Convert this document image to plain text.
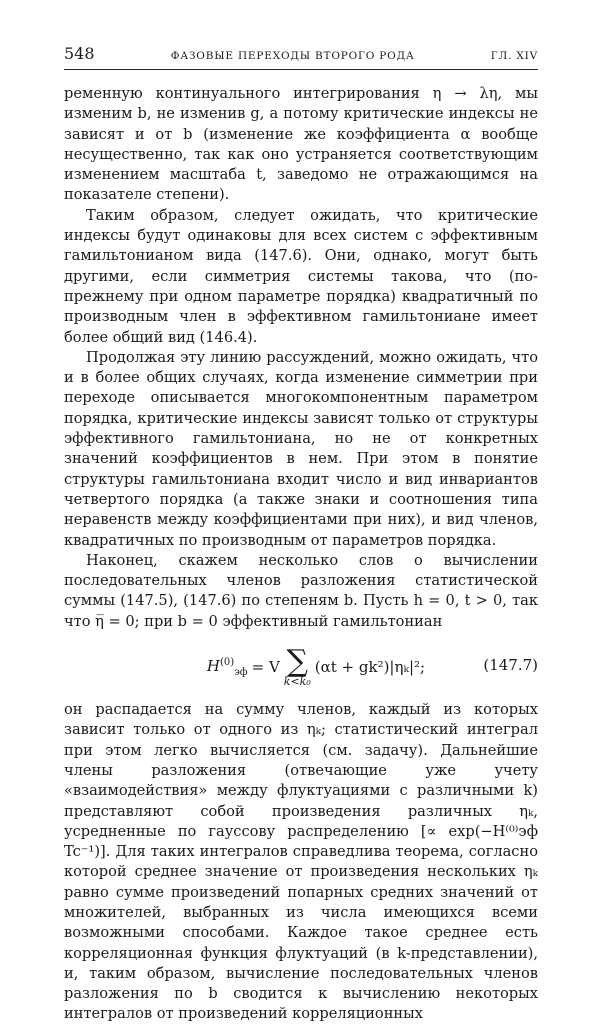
548	ФАЗОВЫЕ ПЕРЕХОДЫ ВТОРОГО РОДА	ГЛ. XIV

ременную континуального интегрирования η → λη, мы изменим b, не изменив g, а потому критические индексы не зависят и от b (изменение же коэффициента α вообще несущественно, так как оно устраняется соответствующим изменением масштаба t, заведомо не отражающимся на показателе степени).

Таким образом, следует ожидать, что критические индексы будут одинаковы для всех систем с эффективным гамильтонианом вида (147.6). Они, однако, могут быть другими, если симметрия системы такова, что (по-прежнему при одном параметре порядка) квадратичный по производным член в эффективном гамильтониане имеет более общий вид (146.4).

Продолжая эту линию рассуждений, можно ожидать, что и в более общих случаях, когда изменение симметрии при переходе описывается многокомпонентным параметром порядка, критические индексы зависят только от структуры эффективного гамильтониана, но не от конкретных значений коэффициентов в нем. При этом в понятие структуры гамильтониана входит число и вид инвариантов четвертого порядка (а также знаки и соотношения типа неравенств между коэффициентами при них), и вид членов, квадратичных по производным от параметров порядка.

Наконец, скажем несколько слов о вычислении последовательных членов разложения статистической суммы (147.5), (147.6) по степеням b. Пусть h = 0, t > 0, так что η̅ = 0; при b = 0 эффективный гамильтониан

$H^{(0)}_{эф} = V$ ∑
k<k₀
(αt + gk²)|ηₖ|²;	(147.7)

он распадается на сумму членов, каждый из которых зависит только от одного из ηₖ; статистический интеграл при этом легко вычисляется (см. задачу). Дальнейшие члены разложения (отвечающие уже учету «взаимодействия» между флуктуациями с различными k) представляют собой произведения различных ηₖ, усредненные по гауссову распределению [∝ exp(−H⁽⁰⁾эф Tc⁻¹)]. Для таких интегралов справедлива теорема, согласно которой среднее значение от произведения нескольких ηₖ равно сумме произведений попарных средних значений от множителей, выбранных из числа имеющихся всеми возможными способами. Каждое такое среднее есть корреляционная функция флуктуаций (в k-представлении), и, таким образом, вычисление последовательных членов разложения по b сводится к вычислению некоторых интегралов от произведений корреляционных
